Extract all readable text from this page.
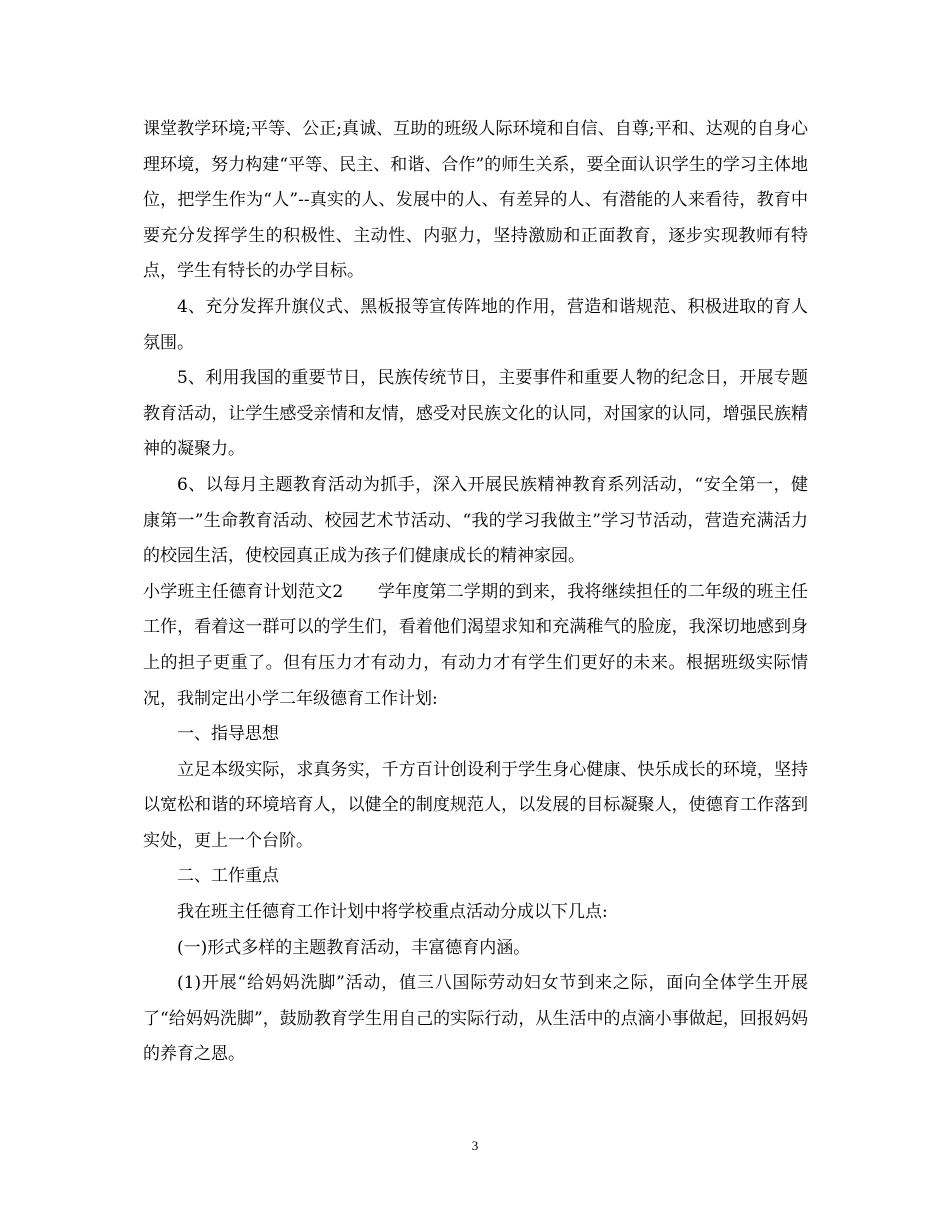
课堂教学环境;平等、公正;真诚、互助的班级人际环境和自信、自尊;平和、达观的自身心理环境，努力构建“平等、民主、和谐、合作”的师生关系，要全面认识学生的学习主体地位，把学生作为“人”--真实的人、发展中的人、有差异的人、有潜能的人来看待，教育中要充分发挥学生的积极性、主动性、内驱力，坚持激励和正面教育，逐步实现教师有特点，学生有特长的办学目标。

4、充分发挥升旗仪式、黑板报等宣传阵地的作用，营造和谐规范、积极进取的育人氛围。

5、利用我国的重要节日，民族传统节日，主要事件和重要人物的纪念日，开展专题教育活动，让学生感受亲情和友情，感受对民族文化的认同，对国家的认同，增强民族精神的凝聚力。

6、以每月主题教育活动为抓手，深入开展民族精神教育系列活动，“安全第一，健康第一”生命教育活动、校园艺术节活动、“我的学习我做主”学习节活动，营造充满活力的校园生活，使校园真正成为孩子们健康成长的精神家园。

小学班主任德育计划范文2　　学年度第二学期的到来，我将继续担任的二年级的班主任工作，看着这一群可以的学生们，看着他们渴望求知和充满稚气的脸庞，我深切地感到身上的担子更重了。但有压力才有动力，有动力才有学生们更好的未来。根据班级实际情况，我制定出小学二年级德育工作计划:

一、指导思想

立足本级实际，求真务实，千方百计创设利于学生身心健康、快乐成长的环境，坚持以宽松和谐的环境培育人，以健全的制度规范人，以发展的目标凝聚人，使德育工作落到实处，更上一个台阶。

二、工作重点

我在班主任德育工作计划中将学校重点活动分成以下几点:

(一)形式多样的主题教育活动，丰富德育内涵。

(1)开展“给妈妈洗脚”活动，值三八国际劳动妇女节到来之际，面向全体学生开展了“给妈妈洗脚”，鼓励教育学生用自己的实际行动，从生活中的点滴小事做起，回报妈妈的养育之恩。

3
